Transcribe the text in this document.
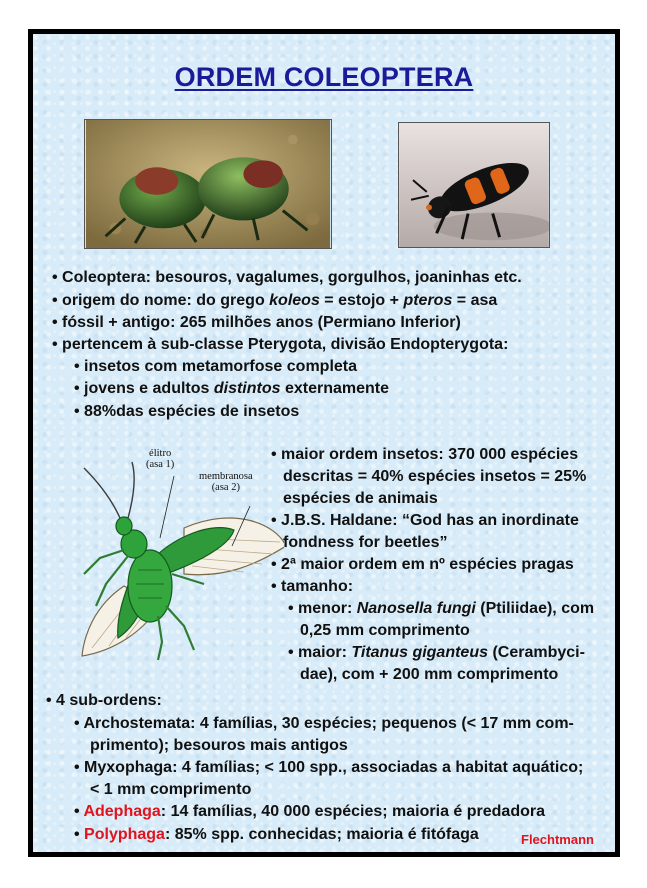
ORDEM COLEOPTERA
• Coleoptera: besouros, vagalumes, gorgulhos, joaninhas etc.
• origem do nome: do grego koleos = estojo + pteros = asa
• fóssil + antigo: 265 milhões anos (Permiano Inferior)
• pertencem à sub-classe Pterygota, divisão Endopterygota:
• insetos com metamorfose completa
• jovens e adultos distintos externamente
• 88%das espécies de insetos
élitro
(asa 1)
membranosa
(asa 2)
• maior ordem insetos: 370 000 espécies
descritas = 40% espécies insetos = 25%
espécies de animais
• J.B.S. Haldane: “God has an inordinate
fondness for beetles”
• 2ª maior ordem em nº espécies pragas
• tamanho:
• menor: Nanosella fungi (Ptiliidae), com
0,25 mm comprimento
• maior: Titanus giganteus (Cerambyci-
dae), com + 200 mm comprimento
• 4 sub-ordens:
• Archostemata: 4 famílias, 30 espécies; pequenos (< 17 mm com-
primento); besouros mais antigos
• Myxophaga: 4 famílias; < 100 spp., associadas a habitat aquático;
< 1 mm comprimento
• Adephaga: 14 famílias, 40 000 espécies; maioria é predadora
• Polyphaga: 85% spp. conhecidas; maioria é fitófaga	Flechtmann
